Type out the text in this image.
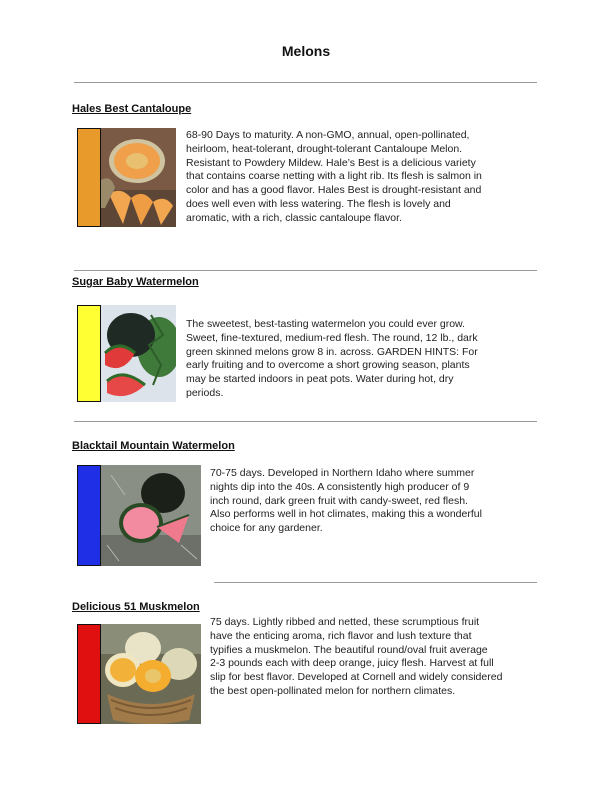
Melons
Hales Best Cantaloupe
68-90 Days to maturity. A non-GMO, annual, open-pollinated,
heirloom, heat-tolerant, drought-tolerant Cantaloupe Melon.
Resistant to Powdery Mildew. Hale’s Best is a delicious variety
that contains coarse netting with a light rib. Its flesh is salmon in
color and has a good flavor. Hales Best is drought-resistant and
does well even with less watering. The flesh is lovely and
aromatic, with a rich, classic cantaloupe flavor.
Sugar Baby Watermelon
The sweetest, best-tasting watermelon you could ever grow.
Sweet, fine-textured, medium-red flesh. The round, 12 lb., dark
green skinned melons grow 8 in. across. GARDEN HINTS: For
early fruiting and to overcome a short growing season, plants
may be started indoors in peat pots. Water during hot, dry
periods.
Blacktail Mountain Watermelon
70-75 days. Developed in Northern Idaho where summer
nights dip into the 40s. A consistently high producer of 9
inch round, dark green fruit with candy-sweet, red flesh.
Also performs well in hot climates, making this a wonderful
choice for any gardener.
Delicious 51 Muskmelon
75 days. Lightly ribbed and netted, these scrumptious fruit
have the enticing aroma, rich flavor and lush texture that
typifies a muskmelon. The beautiful round/oval fruit average
2-3 pounds each with deep orange, juicy flesh. Harvest at full
slip for best flavor. Developed at Cornell and widely considered
the best open-pollinated melon for northern climates.
